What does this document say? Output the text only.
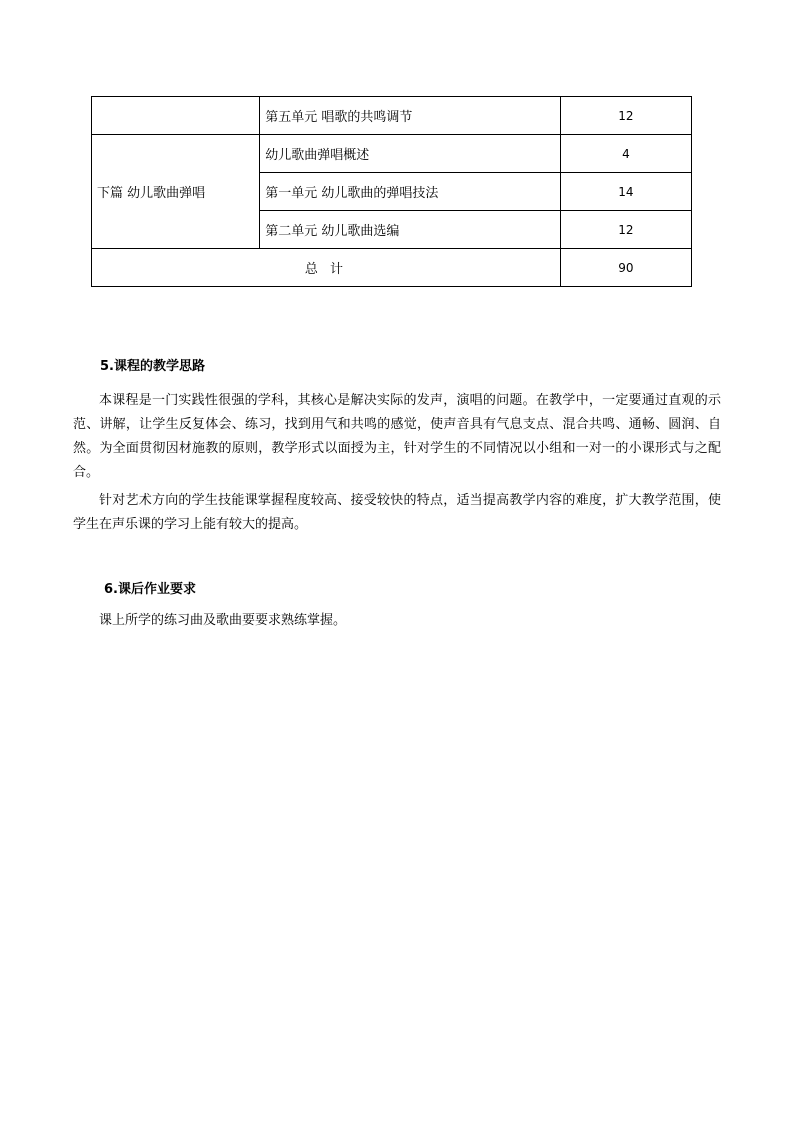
	第五单元 唱歌的共鸣调节	12
下篇 幼儿歌曲弹唱	幼儿歌曲弹唱概述	4
	第一单元 幼儿歌曲的弹唱技法	14
	第二单元 幼儿歌曲选编	12
总 计		90
5.课程的教学思路
本课程是一门实践性很强的学科，其核心是解决实际的发声，演唱的问题。在教学中，一定要通过直观的示范、讲解，让学生反复体会、练习，找到用气和共鸣的感觉，使声音具有气息支点、混合共鸣、通畅、圆润、自然。为全面贯彻因材施教的原则，教学形式以面授为主，针对学生的不同情况以小组和一对一的小课形式与之配合。
针对艺术方向的学生技能课掌握程度较高、接受较快的特点，适当提高教学内容的难度，扩大教学范围，使学生在声乐课的学习上能有较大的提高。
6.课后作业要求
课上所学的练习曲及歌曲要要求熟练掌握。
